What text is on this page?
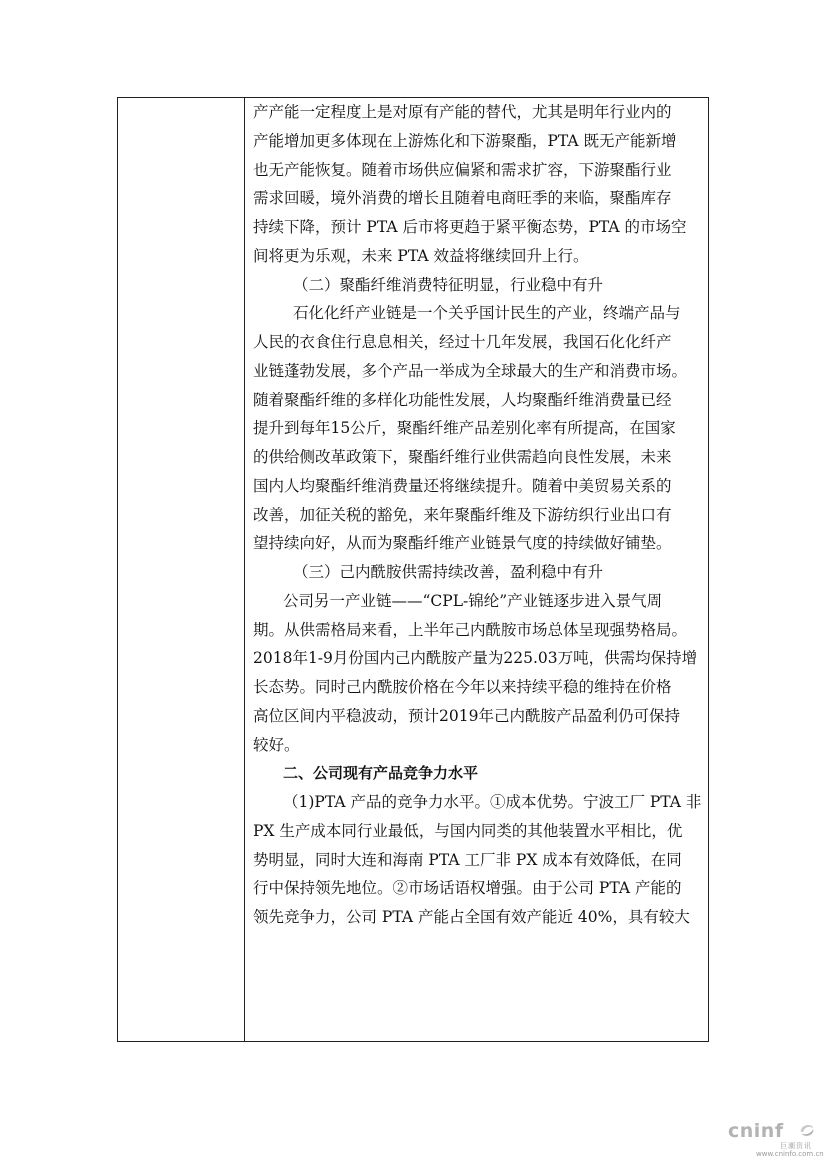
产产能一定程度上是对原有产能的替代，尤其是明年行业内的
产能增加更多体现在上游炼化和下游聚酯，PTA 既无产能新增
也无产能恢复。随着市场供应偏紧和需求扩容，下游聚酯行业
需求回暖，境外消费的增长且随着电商旺季的来临，聚酯库存
持续下降，预计 PTA 后市将更趋于紧平衡态势，PTA 的市场空
间将更为乐观，未来 PTA 效益将继续回升上行。
（二）聚酯纤维消费特征明显，行业稳中有升
石化化纤产业链是一个关乎国计民生的产业，终端产品与
人民的衣食住行息息相关，经过十几年发展，我国石化化纤产
业链蓬勃发展，多个产品一举成为全球最大的生产和消费市场。
随着聚酯纤维的多样化功能性发展，人均聚酯纤维消费量已经
提升到每年15公斤，聚酯纤维产品差别化率有所提高，在国家
的供给侧改革政策下，聚酯纤维行业供需趋向良性发展，未来
国内人均聚酯纤维消费量还将继续提升。随着中美贸易关系的
改善，加征关税的豁免，来年聚酯纤维及下游纺织行业出口有
望持续向好，从而为聚酯纤维产业链景气度的持续做好铺垫。
（三）己内酰胺供需持续改善，盈利稳中有升
公司另一产业链——“CPL-锦纶”产业链逐步进入景气周
期。从供需格局来看，上半年己内酰胺市场总体呈现强势格局。
2018年1-9月份国内己内酰胺产量为225.03万吨，供需均保持增
长态势。同时己内酰胺价格在今年以来持续平稳的维持在价格
高位区间内平稳波动，预计2019年己内酰胺产品盈利仍可保持
较好。
二、公司现有产品竞争力水平
（1)PTA 产品的竞争力水平。①成本优势。宁波工厂 PTA 非
PX 生产成本同行业最低，与国内同类的其他装置水平相比，优
势明显，同时大连和海南 PTA 工厂非 PX 成本有效降低，在同
行中保持领先地位。②市场话语权增强。由于公司 PTA 产能的
领先竞争力，公司 PTA 产能占全国有效产能近 40%，具有较大
cninf
巨潮资讯
www.cninfo.com.cn
